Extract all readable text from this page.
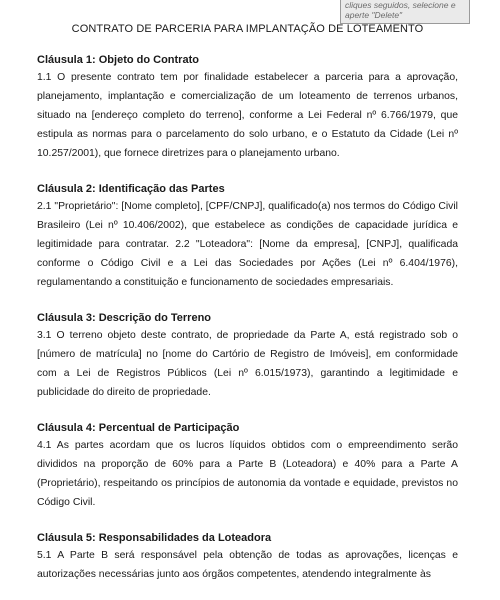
cliques seguidos, selecione e aperte "Delete"
CONTRATO DE PARCERIA PARA IMPLANTAÇÃO DE LOTEAMENTO
Cláusula 1: Objeto do Contrato

1.1 O presente contrato tem por finalidade estabelecer a parceria para a aprovação, planejamento, implantação e comercialização de um loteamento de terrenos urbanos, situado na [endereço completo do terreno], conforme a Lei Federal nº 6.766/1979, que estipula as normas para o parcelamento do solo urbano, e o Estatuto da Cidade (Lei nº 10.257/2001), que fornece diretrizes para o planejamento urbano.

Cláusula 2: Identificação das Partes

2.1 "Proprietário": [Nome completo], [CPF/CNPJ], qualificado(a) nos termos do Código Civil Brasileiro (Lei nº 10.406/2002), que estabelece as condições de capacidade jurídica e legitimidade para contratar. 2.2 "Loteadora": [Nome da empresa], [CNPJ], qualificada conforme o Código Civil e a Lei das Sociedades por Ações (Lei nº 6.404/1976), regulamentando a constituição e funcionamento de sociedades empresariais.

Cláusula 3: Descrição do Terreno

3.1 O terreno objeto deste contrato, de propriedade da Parte A, está registrado sob o [número de matrícula] no [nome do Cartório de Registro de Imóveis], em conformidade com a Lei de Registros Públicos (Lei nº 6.015/1973), garantindo a legitimidade e publicidade do direito de propriedade.

Cláusula 4: Percentual de Participação

4.1 As partes acordam que os lucros líquidos obtidos com o empreendimento serão divididos na proporção de 60% para a Parte B (Loteadora) e 40% para a Parte A (Proprietário), respeitando os princípios de autonomia da vontade e equidade, previstos no Código Civil.

Cláusula 5: Responsabilidades da Loteadora

5.1 A Parte B será responsável pela obtenção de todas as aprovações, licenças e autorizações necessárias junto aos órgãos competentes, atendendo integralmente às
